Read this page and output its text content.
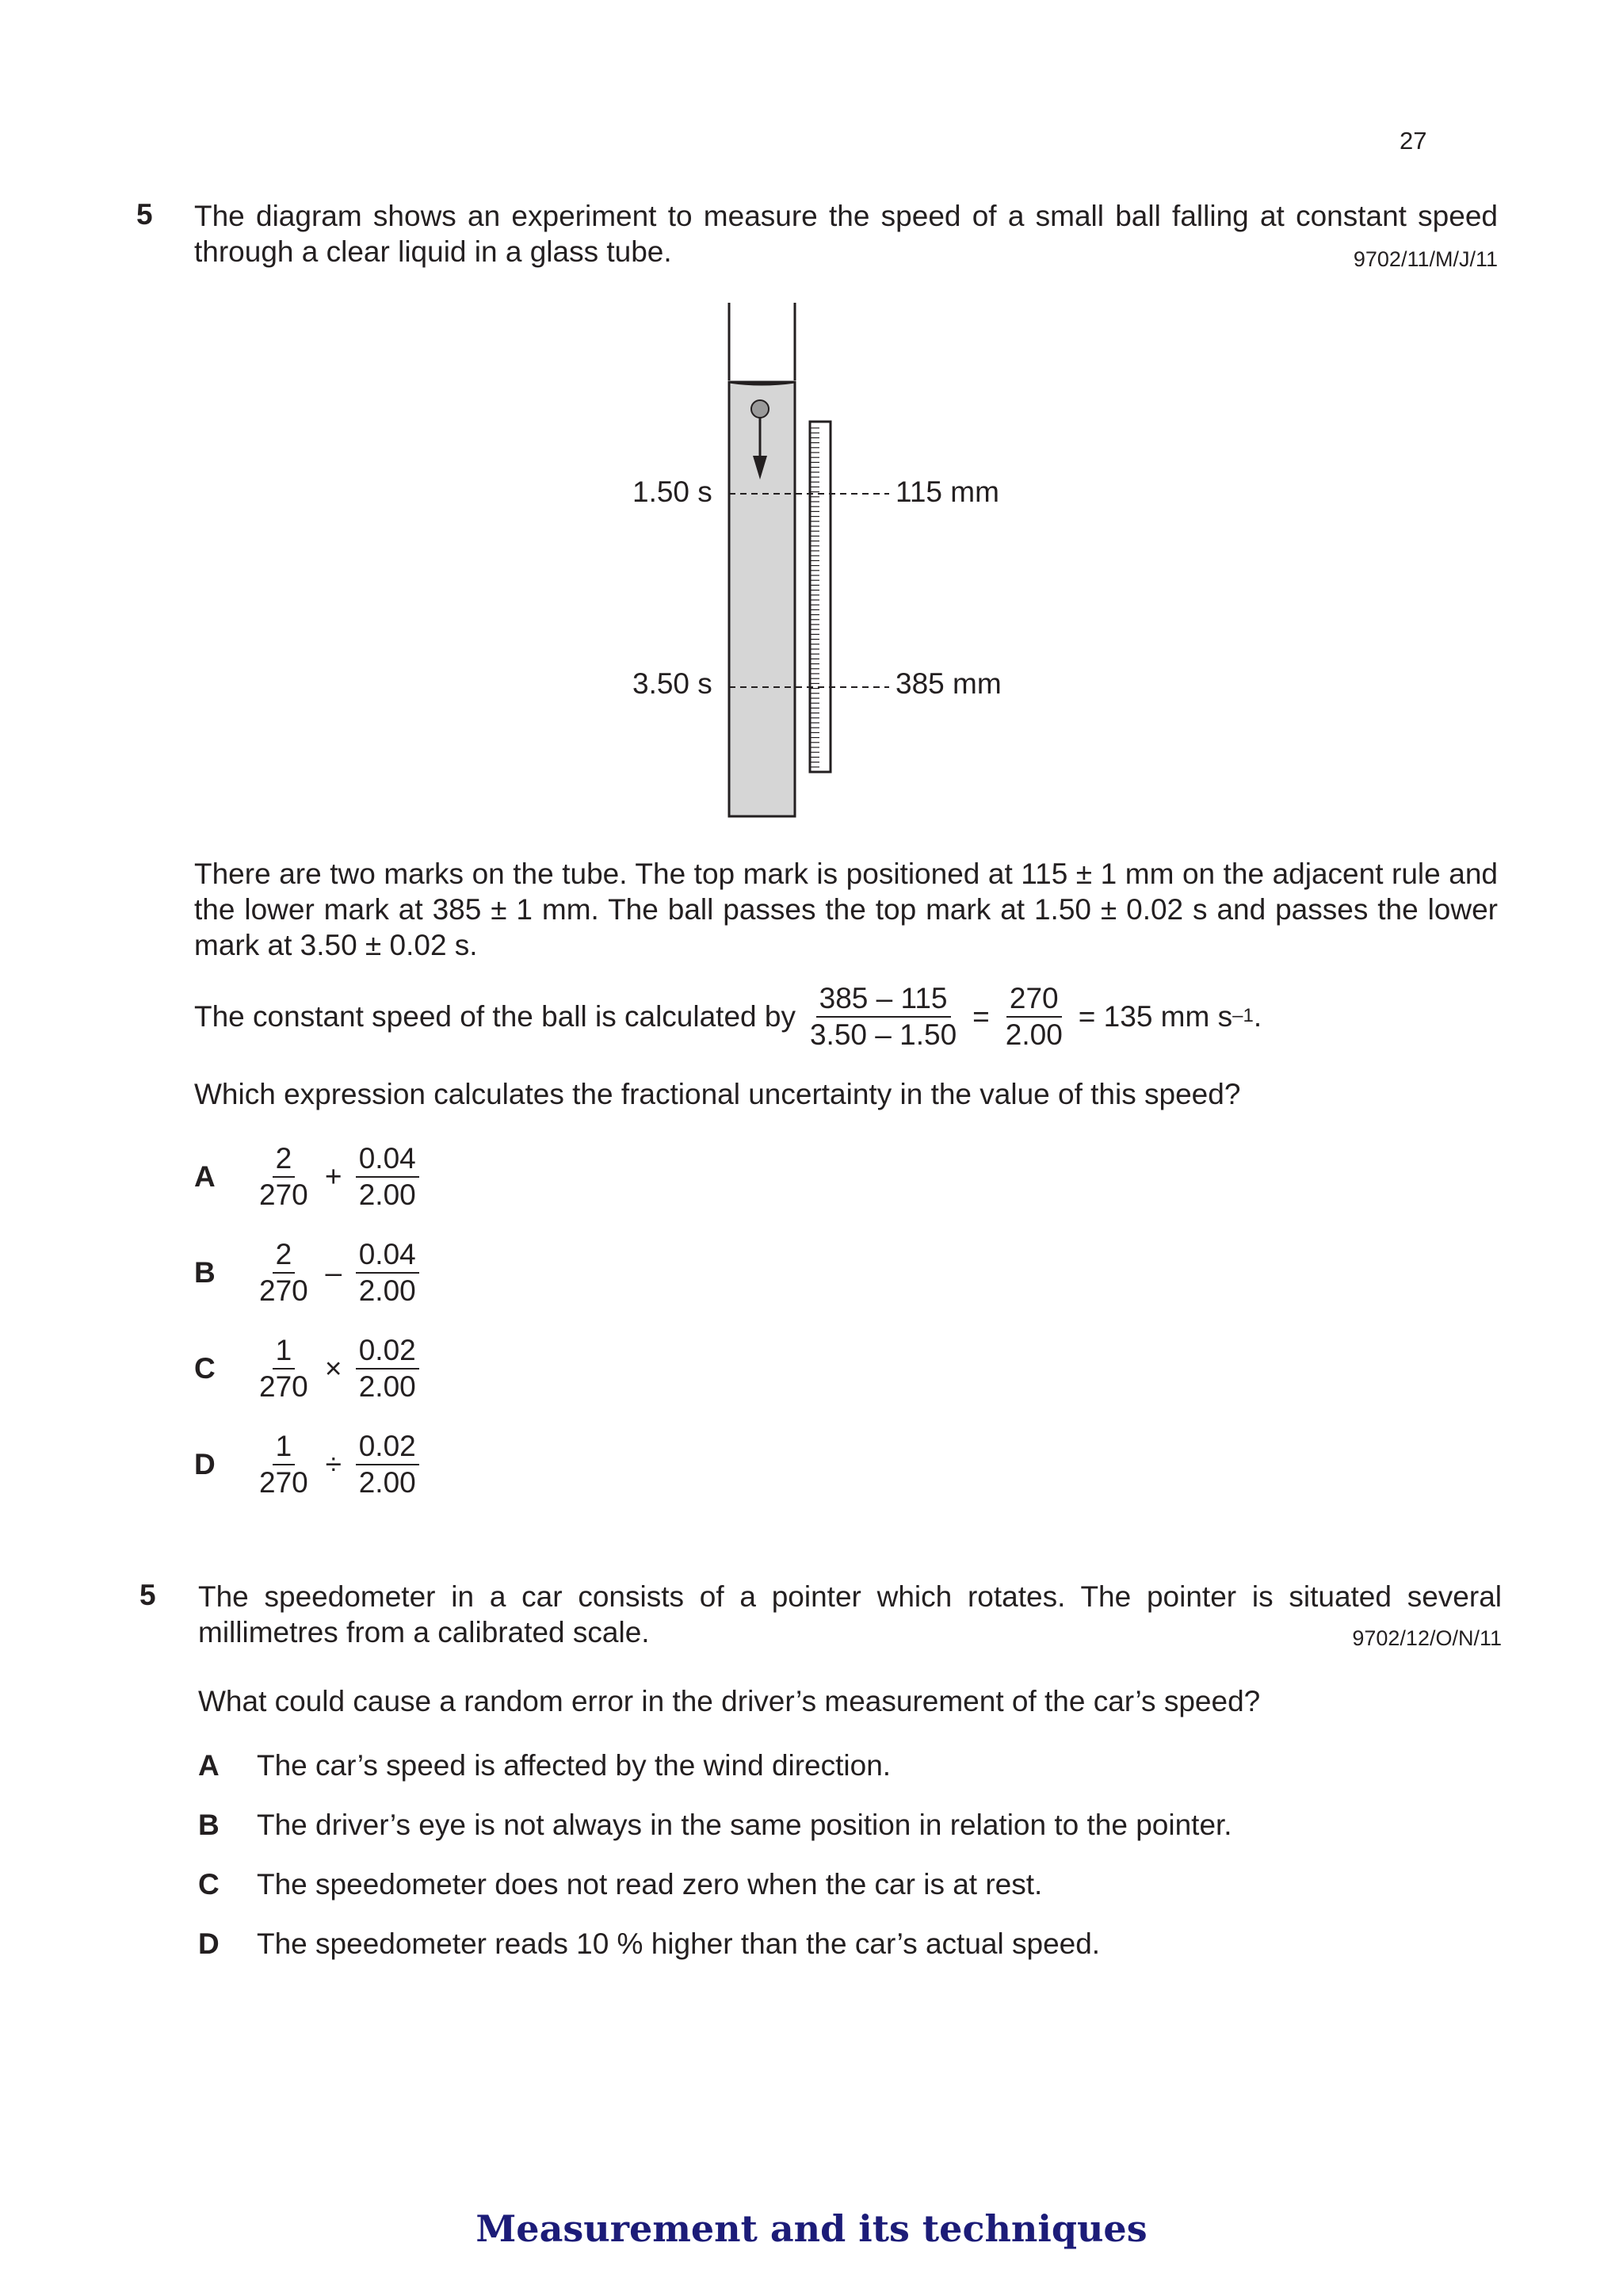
27
5 The diagram shows an experiment to measure the speed of a small ball falling at constant speed
through a clear liquid in a glass tube.	9702/11/M/J/11
1.50 s
3.50 s
115 mm
385 mm
There are two marks on the tube. The top mark is positioned at 115 ± 1 mm on the adjacent rule and the lower mark at 385 ± 1 mm. The ball passes the top mark at 1.50 ± 0.02 s and passes the lower mark at 3.50 ± 0.02 s.
The constant speed of the ball is calculated by $\frac{385 - 115}{3.50 - 1.50} = \frac{270}{2.00} = 135$ mm s –1 .
Which expression calculates the fractional uncertainty in the value of this speed?
A	$\frac{2}{270} + \frac{0.04}{2.00}$
B	$\frac{2}{270} - \frac{0.04}{2.00}$
C	$\frac{1}{270} \times \frac{0.02}{2.00}$
D	$\frac{1}{270} \div \frac{0.02}{2.00}$
5 The speedometer in a car consists of a pointer which rotates. The pointer is situated several
millimetres from a calibrated scale.	9702/12/O/N/11
What could cause a random error in the driver’s measurement of the car’s speed?
A	The car’s speed is affected by the wind direction.
B	The driver’s eye is not always in the same position in relation to the pointer.
C	The speedometer does not read zero when the car is at rest.
D	The speedometer reads 10 % higher than the car’s actual speed.
Measurement and its techniques
